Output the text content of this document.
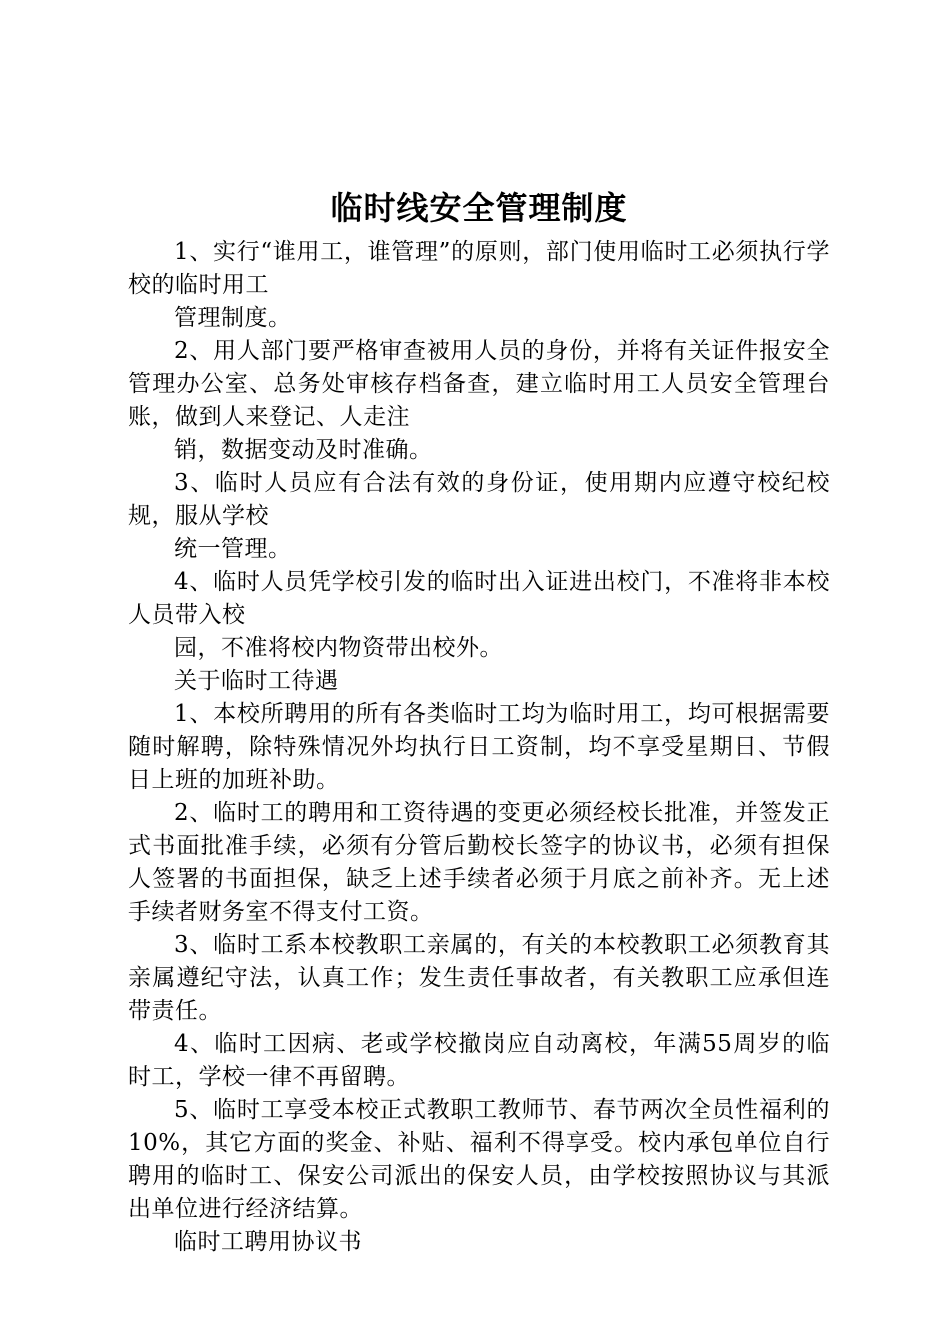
临时线安全管理制度

1、实行“谁用工，谁管理”的原则，部门使用临时工必须执行学校的临时用工

管理制度。

2、用人部门要严格审查被用人员的身份，并将有关证件报安全管理办公室、总务处审核存档备查，建立临时用工人员安全管理台账，做到人来登记、人走注

销，数据变动及时准确。

3、临时人员应有合法有效的身份证，使用期内应遵守校纪校规，服从学校

统一管理。

4、临时人员凭学校引发的临时出入证进出校门，不准将非本校人员带入校

园，不准将校内物资带出校外。

关于临时工待遇

1、本校所聘用的所有各类临时工均为临时用工，均可根据需要随时解聘，除特殊情况外均执行日工资制，均不享受星期日、节假日上班的加班补助。

2、临时工的聘用和工资待遇的变更必须经校长批准，并签发正式书面批准手续，必须有分管后勤校长签字的协议书，必须有担保人签署的书面担保，缺乏上述手续者必须于月底之前补齐。无上述手续者财务室不得支付工资。

3、临时工系本校教职工亲属的，有关的本校教职工必须教育其亲属遵纪守法，认真工作；发生责任事故者，有关教职工应承但连带责任。

4、临时工因病、老或学校撤岗应自动离校，年满55周岁的临时工，学校一律不再留聘。

5、临时工享受本校正式教职工教师节、春节两次全员性福利的10%，其它方面的奖金、补贴、福利不得享受。校内承包单位自行聘用的临时工、保安公司派出的保安人员，由学校按照协议与其派出单位进行经济结算。

临时工聘用协议书
